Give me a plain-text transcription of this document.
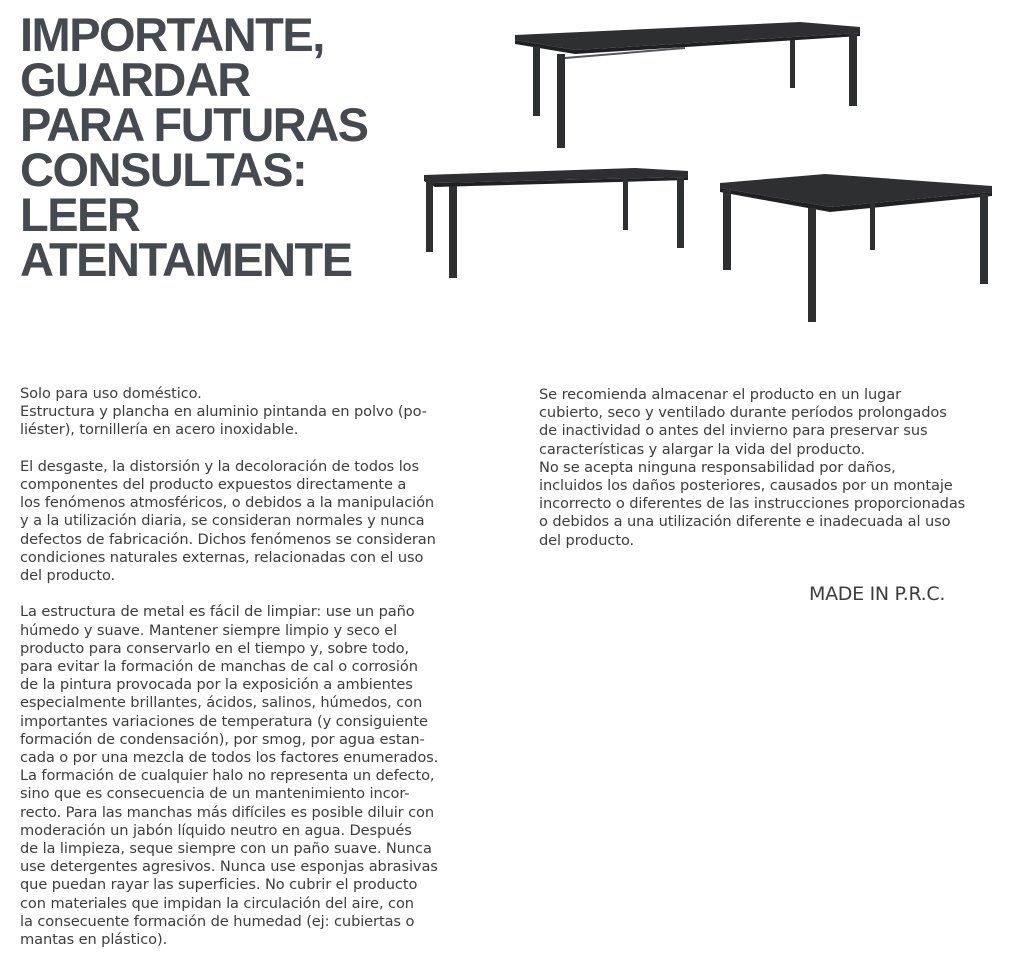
IMPORTANTE,
GUARDAR
PARA FUTURAS
CONSULTAS:
LEER
ATENTAMENTE
Solo para uso doméstico.
Estructura y plancha en aluminio pintanda en polvo (po-
liéster), tornillería en acero inoxidable.
El desgaste, la distorsión y la decoloración de todos los
componentes del producto expuestos directamente a
los fenómenos atmosféricos, o debidos a la manipulación
y a la utilización diaria, se consideran normales y nunca
defectos de fabricación. Dichos fenómenos se consideran
condiciones naturales externas, relacionadas con el uso
del producto.
La estructura de metal es fácil de limpiar: use un paño
húmedo y suave. Mantener siempre limpio y seco el
producto para conservarlo en el tiempo y, sobre todo,
para evitar la formación de manchas de cal o corrosión
de la pintura provocada por la exposición a ambientes
especialmente brillantes, ácidos, salinos, húmedos, con
importantes variaciones de temperatura (y consiguiente
formación de condensación), por smog, por agua estan-
cada o por una mezcla de todos los factores enumerados.
La formación de cualquier halo no representa un defecto,
sino que es consecuencia de un mantenimiento incor-
recto. Para las manchas más difíciles es posible diluir con
moderación un jabón líquido neutro en agua. Después
de la limpieza, seque siempre con un paño suave. Nunca
use detergentes agresivos. Nunca use esponjas abrasivas
que puedan rayar las superficies. No cubrir el producto
con materiales que impidan la circulación del aire, con
la consecuente formación de humedad (ej: cubiertas o
mantas en plástico).
Se recomienda almacenar el producto en un lugar
cubierto, seco y ventilado durante períodos prolongados
de inactividad o antes del invierno para preservar sus
características y alargar la vida del producto.
No se acepta ninguna responsabilidad por daños,
incluidos los daños posteriores, causados por un montaje
incorrecto o diferentes de las instrucciones proporcionadas
o debidos a una utilización diferente e inadecuada al uso
del producto.
MADE IN P.R.C.
